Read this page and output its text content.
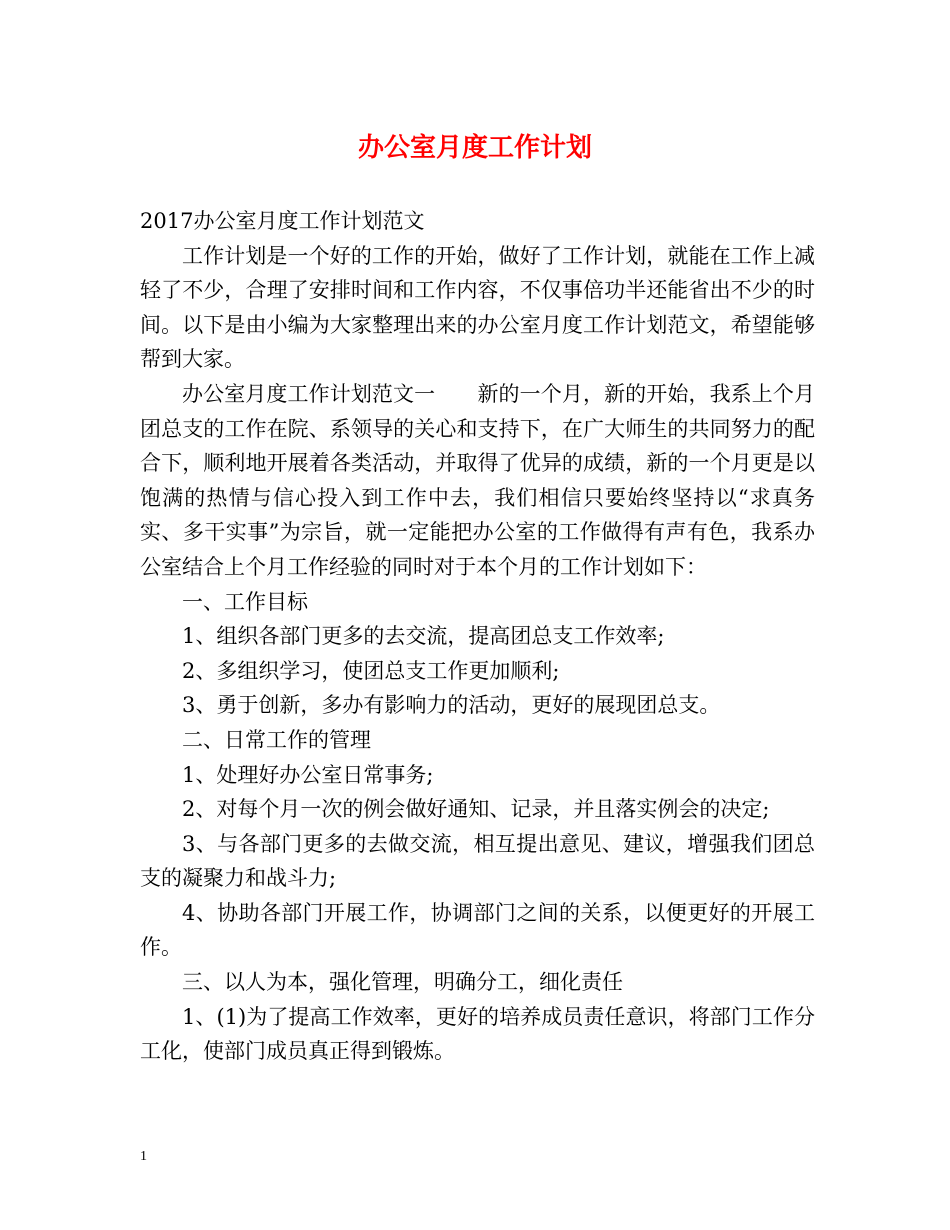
办公室月度工作计划

2017办公室月度工作计划范文

工作计划是一个好的工作的开始，做好了工作计划，就能在工作上减轻了不少，合理了安排时间和工作内容，不仅事倍功半还能省出不少的时间。以下是由小编为大家整理出来的办公室月度工作计划范文，希望能够帮到大家。

办公室月度工作计划范文一　　新的一个月，新的开始，我系上个月团总支的工作在院、系领导的关心和支持下，在广大师生的共同努力的配合下，顺利地开展着各类活动，并取得了优异的成绩，新的一个月更是以饱满的热情与信心投入到工作中去，我们相信只要始终坚持以“求真务实、多干实事”为宗旨，就一定能把办公室的工作做得有声有色，我系办公室结合上个月工作经验的同时对于本个月的工作计划如下：

一、工作目标

1、组织各部门更多的去交流，提高团总支工作效率;

2、多组织学习，使团总支工作更加顺利;

3、勇于创新，多办有影响力的活动，更好的展现团总支。

二、日常工作的管理

1、处理好办公室日常事务;

2、对每个月一次的例会做好通知、记录，并且落实例会的决定;

3、与各部门更多的去做交流，相互提出意见、建议，增强我们团总支的凝聚力和战斗力;

4、协助各部门开展工作，协调部门之间的关系，以便更好的开展工作。

三、以人为本，强化管理，明确分工，细化责任

1、(1)为了提高工作效率，更好的培养成员责任意识，将部门工作分工化，使部门成员真正得到锻炼。

1
